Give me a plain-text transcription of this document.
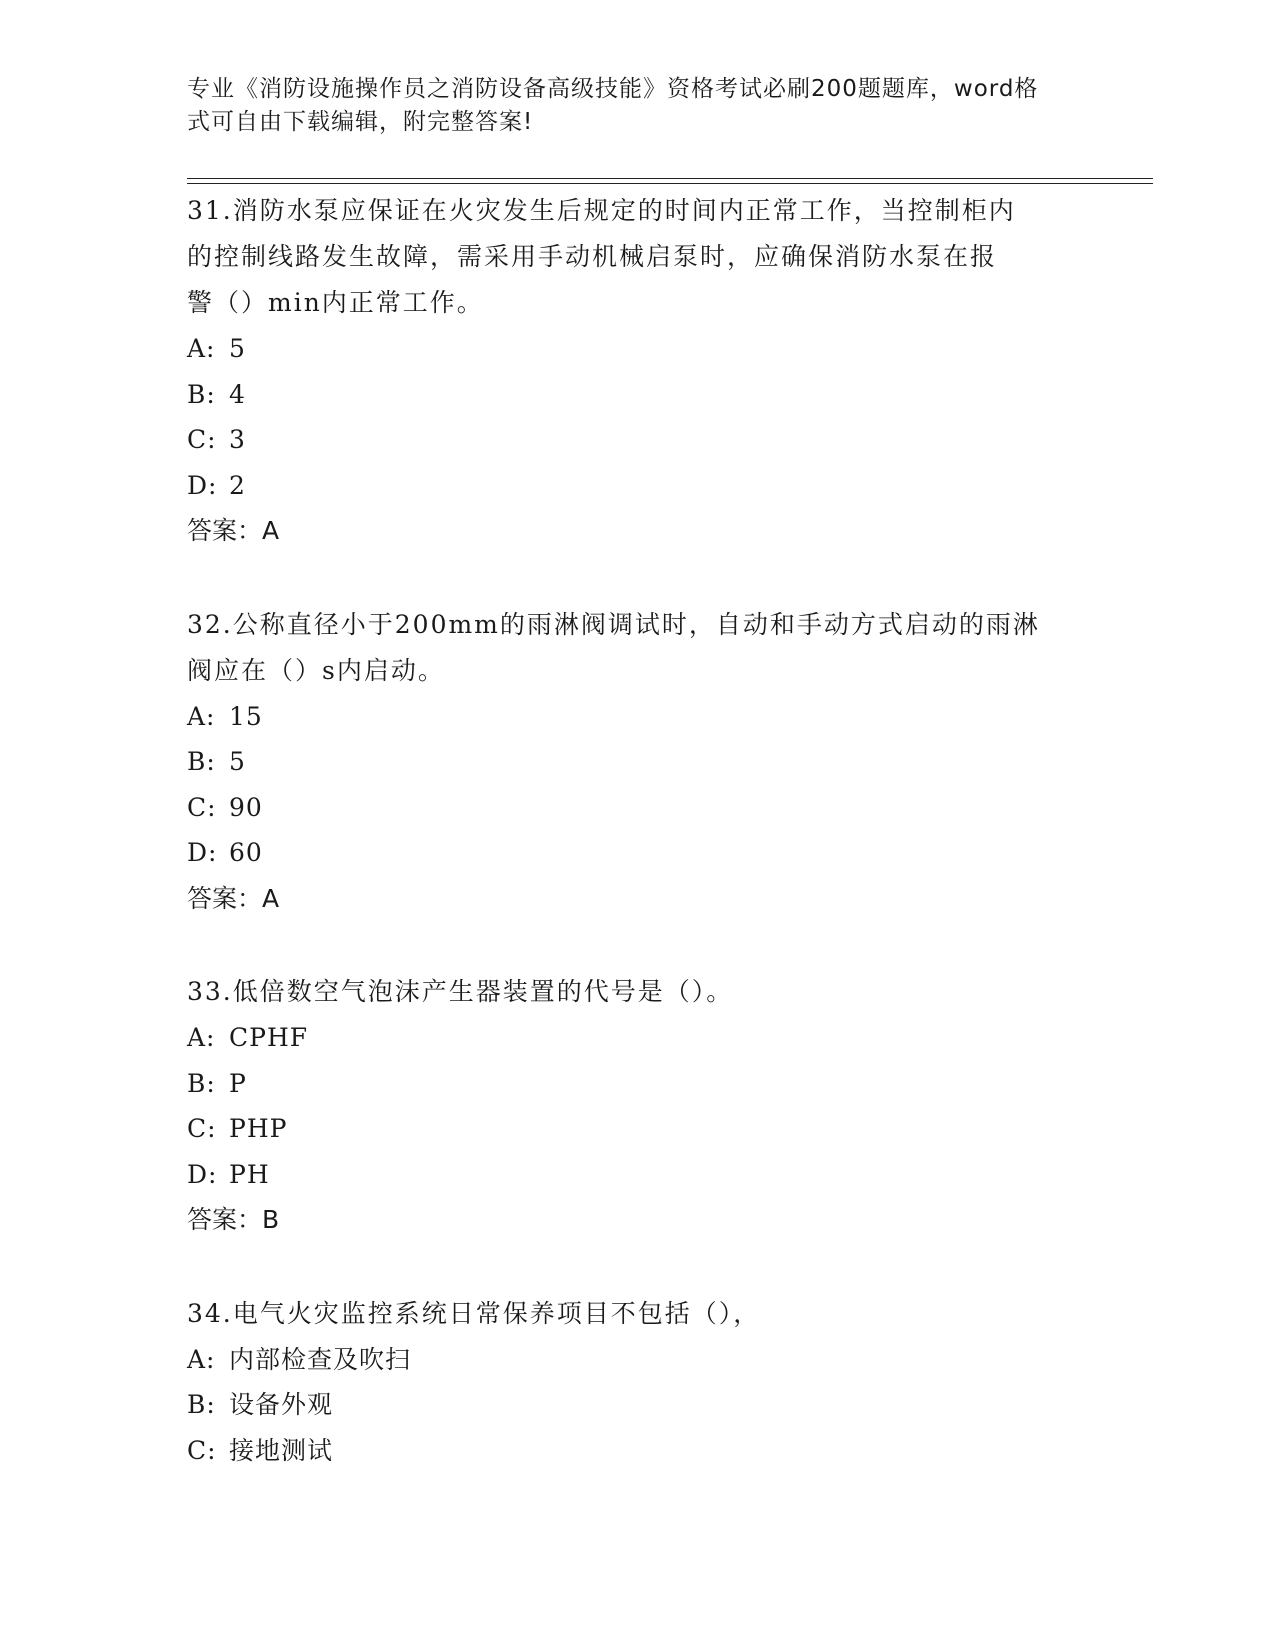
专业《消防设施操作员之消防设备高级技能》资格考试必刷200题题库，word格
式可自由下载编辑，附完整答案!

31.消防水泵应保证在火灾发生后规定的时间内正常工作，当控制柜内

的控制线路发生故障，需采用手动机械启泵时，应确保消防水泵在报

警（）min内正常工作。

A: 5

B: 4

C: 3

D: 2

答案：A

32.公称直径小于200mm的雨淋阀调试时，自动和手动方式启动的雨淋

阀应在（）s内启动。

A: 15

B: 5

C: 90

D: 60

答案：A

33.低倍数空气泡沫产生器装置的代号是（）。

A: CPHF

B: P

C: PHP

D: PH

答案：B

34.电气火灾监控系统日常保养项目不包括（），

A: 内部检查及吹扫

B: 设备外观

C: 接地测试
